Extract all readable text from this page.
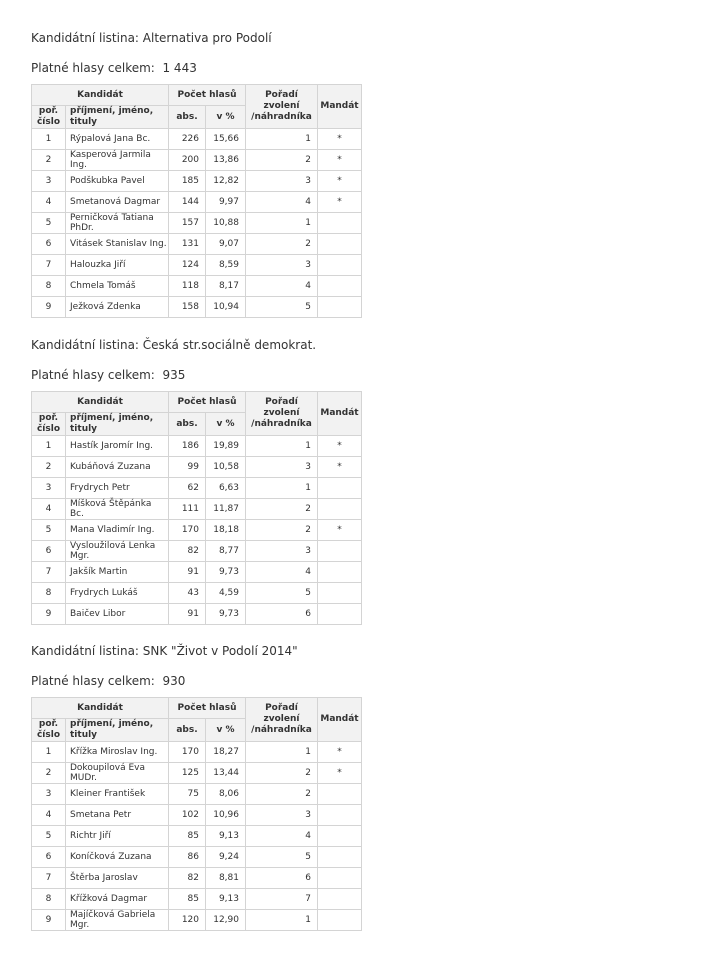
Kandidátní listina: Alternativa pro Podolí
Platné hlasy celkem: 1 443
Kandidát		Počet hlasů		Pořadí
zvolení
/náhradníka	Mandát
poř.
číslo	příjmení, jméno, tituly	abs.	v %		
1	Rýpalová Jana Bc.	226	15,66	1	*
2	Kasperová Jarmila Ing.	200	13,86	2	*
3	Podškubka Pavel	185	12,82	3	*
4	Smetanová Dagmar	144	9,97	4	*
5	Perničková Tatiana PhDr.	157	10,88	1	
6	Vitásek Stanislav Ing.	131	9,07	2	
7	Halouzka Jiří	124	8,59	3	
8	Chmela Tomáš	118	8,17	4	
9	Ježková Zdenka	158	10,94	5	
Kandidátní listina: Česká str.sociálně demokrat.
Platné hlasy celkem: 935
Kandidát		Počet hlasů		Pořadí
zvolení
/náhradníka	Mandát
poř.
číslo	příjmení, jméno, tituly	abs.	v %		
1	Hastík Jaromír Ing.	186	19,89	1	*
2	Kubáňová Zuzana	99	10,58	3	*
3	Frydrych Petr	62	6,63	1	
4	Míšková Štěpánka Bc.	111	11,87	2	
5	Mana Vladimír Ing.	170	18,18	2	*
6	Vysloužilová Lenka Mgr.	82	8,77	3	
7	Jakšík Martin	91	9,73	4	
8	Frydrych Lukáš	43	4,59	5	
9	Baičev Libor	91	9,73	6	
Kandidátní listina: SNK "Život v Podolí 2014"
Platné hlasy celkem: 930
Kandidát		Počet hlasů		Pořadí
zvolení
/náhradníka	Mandát
poř.
číslo	příjmení, jméno, tituly	abs.	v %		
1	Křížka Miroslav Ing.	170	18,27	1	*
2	Dokoupilová Eva MUDr.	125	13,44	2	*
3	Kleiner František	75	8,06	2	
4	Smetana Petr	102	10,96	3	
5	Richtr Jiří	85	9,13	4	
6	Koníčková Zuzana	86	9,24	5	
7	Štěrba Jaroslav	82	8,81	6	
8	Křížková Dagmar	85	9,13	7	
9	Majíčková Gabriela Mgr.	120	12,90	1	
